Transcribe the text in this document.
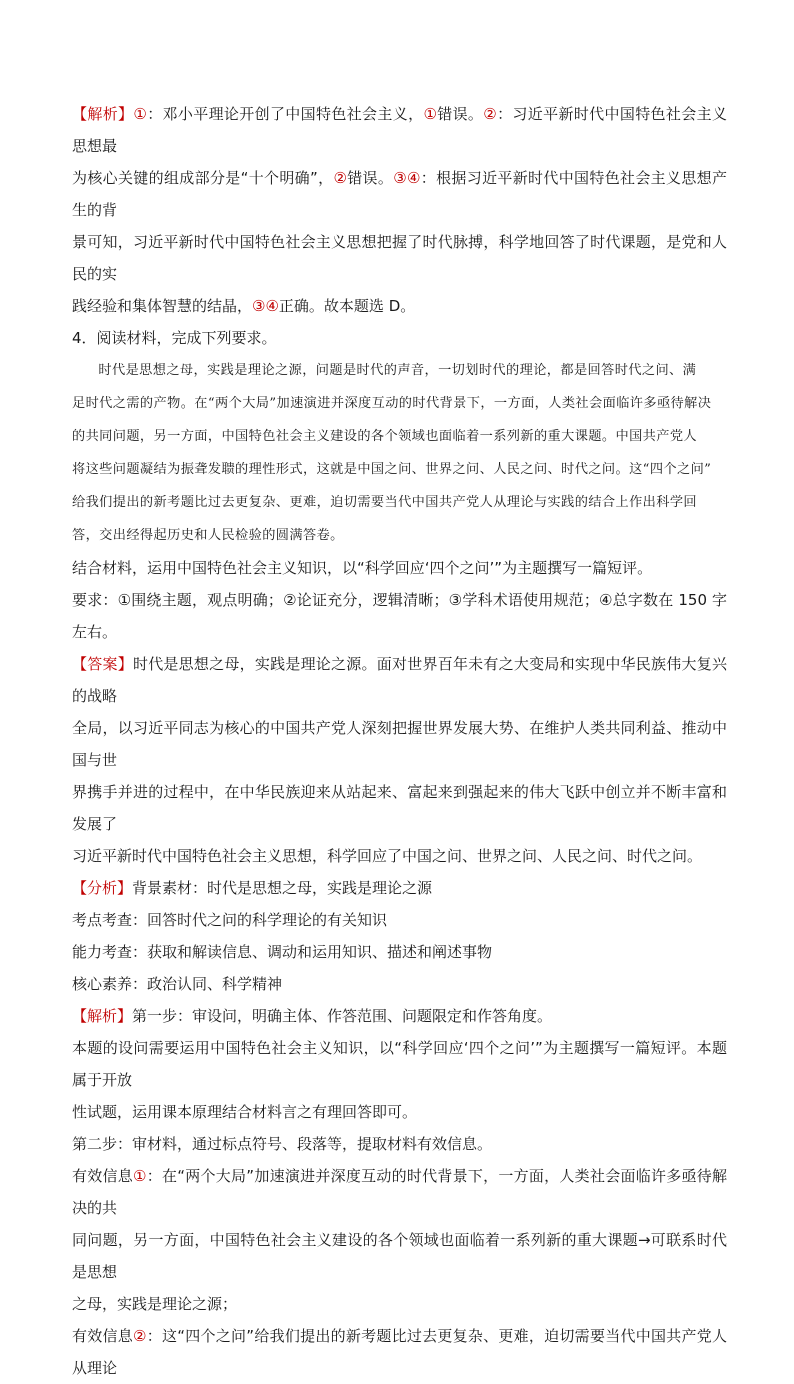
【解析】①：邓小平理论开创了中国特色社会主义，①错误。②：习近平新时代中国特色社会主义思想最

为核心关键的组成部分是“十个明确”，②错误。③④：根据习近平新时代中国特色社会主义思想产生的背

景可知，习近平新时代中国特色社会主义思想把握了时代脉搏，科学地回答了时代课题，是党和人民的实

践经验和集体智慧的结晶，③④正确。故本题选 D。

4．阅读材料，完成下列要求。

时代是思想之母，实践是理论之源，问题是时代的声音，一切划时代的理论，都是回答时代之问、满

足时代之需的产物。在“两个大局”加速演进并深度互动的时代背景下，一方面，人类社会面临许多亟待解决

的共同问题，另一方面，中国特色社会主义建设的各个领域也面临着一系列新的重大课题。中国共产党人

将这些问题凝结为振聋发聩的理性形式，这就是中国之问、世界之问、人民之问、时代之问。这“四个之问”

给我们提出的新考题比过去更复杂、更难，迫切需要当代中国共产党人从理论与实践的结合上作出科学回

答，交出经得起历史和人民检验的圆满答卷。

结合材料，运用中国特色社会主义知识，以“科学回应‘四个之问’”为主题撰写一篇短评。

要求：①围绕主题，观点明确；②论证充分，逻辑清晰；③学科术语使用规范；④总字数在 150 字左右。

【答案】时代是思想之母，实践是理论之源。面对世界百年未有之大变局和实现中华民族伟大复兴的战略

全局，以习近平同志为核心的中国共产党人深刻把握世界发展大势、在维护人类共同利益、推动中国与世

界携手并进的过程中，在中华民族迎来从站起来、富起来到强起来的伟大飞跃中创立并不断丰富和发展了

习近平新时代中国特色社会主义思想，科学回应了中国之问、世界之问、人民之问、时代之问。

【分析】背景素材：时代是思想之母，实践是理论之源

考点考查：回答时代之问的科学理论的有关知识

能力考查：获取和解读信息、调动和运用知识、描述和阐述事物

核心素养：政治认同、科学精神

【解析】第一步：审设问，明确主体、作答范围、问题限定和作答角度。

本题的设问需要运用中国特色社会主义知识，以“科学回应‘四个之问’”为主题撰写一篇短评。本题属于开放

性试题，运用课本原理结合材料言之有理回答即可。

第二步：审材料，通过标点符号、段落等，提取材料有效信息。

有效信息①：在“两个大局”加速演进并深度互动的时代背景下，一方面，人类社会面临许多亟待解决的共

同问题，另一方面，中国特色社会主义建设的各个领域也面临着一系列新的重大课题→可联系时代是思想

之母，实践是理论之源；

有效信息②：这“四个之问”给我们提出的新考题比过去更复杂、更难，迫切需要当代中国共产党人从理论
